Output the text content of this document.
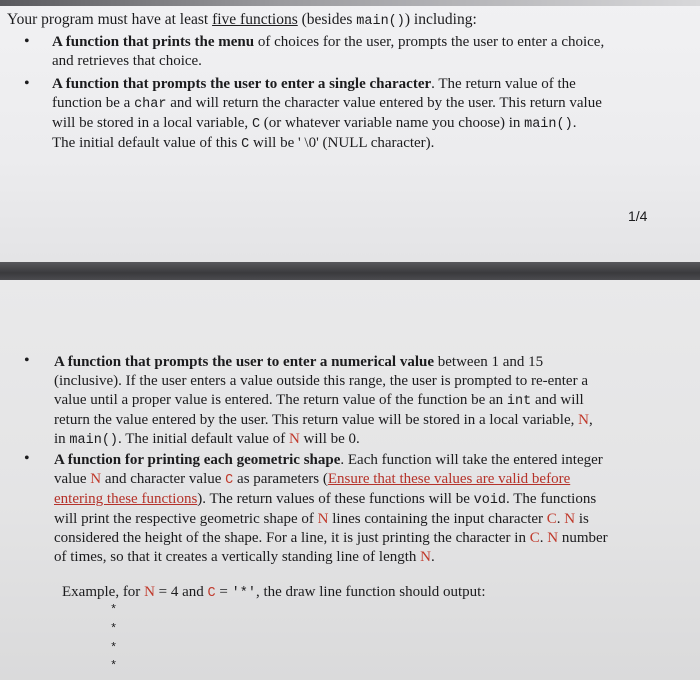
Your program must have at least five functions (besides main()) including:
• A function that prints the menu of choices for the user, prompts the user to enter a choice,
and retrieves that choice.
• A function that prompts the user to enter a single character. The return value of the
function be a char and will return the character value entered by the user. This return value
will be stored in a local variable, C (or whatever variable name you choose) in main().
The initial default value of this C will be ' \0' (NULL character).
1/4
• A function that prompts the user to enter a numerical value between 1 and 15
(inclusive). If the user enters a value outside this range, the user is prompted to re-enter a
value until a proper value is entered. The return value of the function be an int and will
return the value entered by the user. This return value will be stored in a local variable, N,
in main(). The initial default value of N will be 0.
• A function for printing each geometric shape. Each function will take the entered integer
value N and character value C as parameters (Ensure that these values are valid before
entering these functions). The return values of these functions will be void. The functions
will print the respective geometric shape of N lines containing the input character C. N is
considered the height of the shape. For a line, it is just printing the character in C. N number
of times, so that it creates a vertically standing line of length N.
Example, for N = 4 and C = '*', the draw line function should output:
*
*
*
*
